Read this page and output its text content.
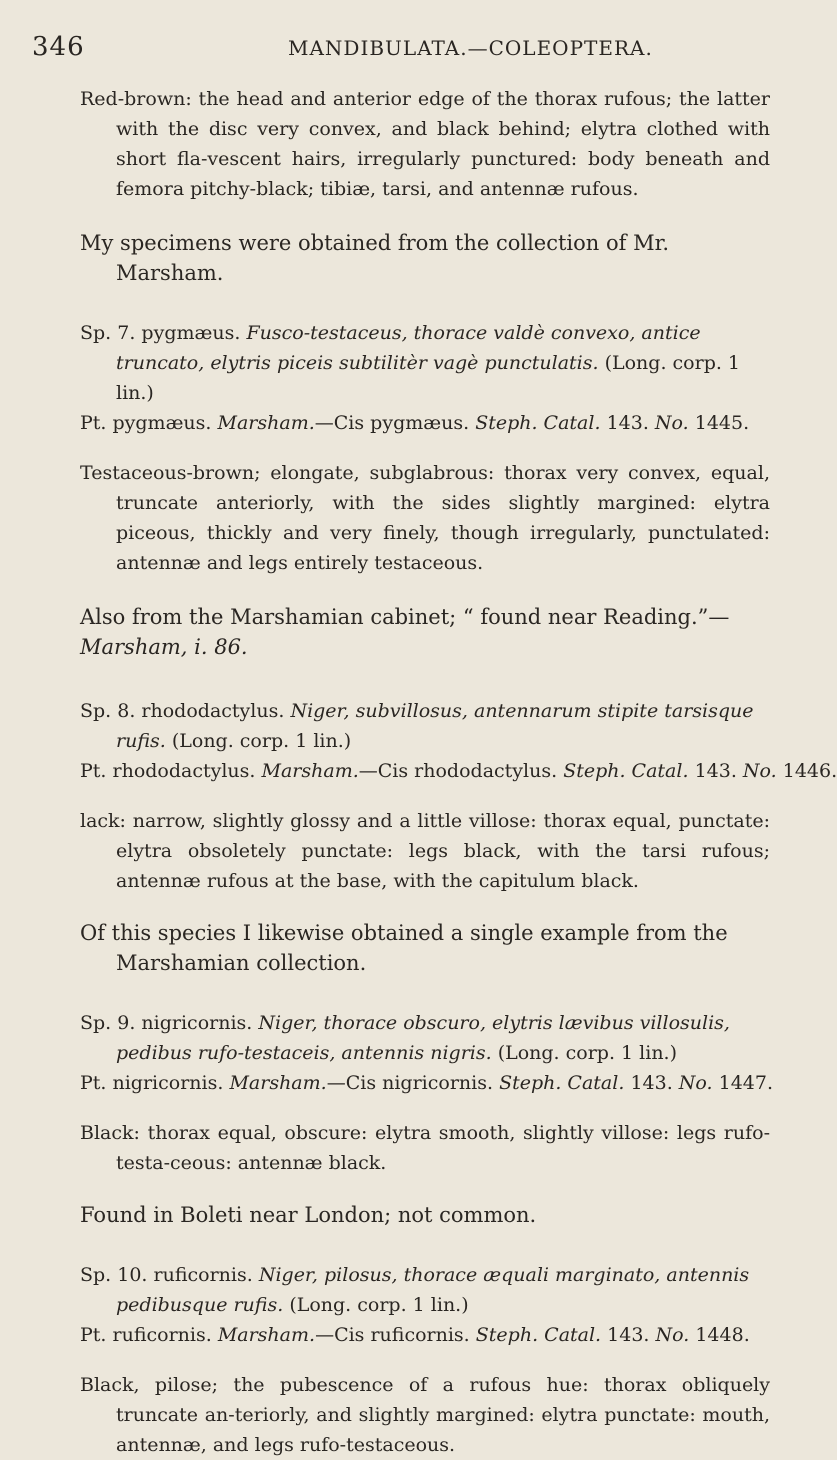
346	MANDIBULATA.—COLEOPTERA.

Red-brown: the head and anterior edge of the thorax rufous; the latter with the disc very convex, and black behind; elytra clothed with short fla-vescent hairs, irregularly punctured: body beneath and femora pitchy-black; tibiæ, tarsi, and antennæ rufous.

My specimens were obtained from the collection of Mr. Marsham.

Sp. 7. pygmæus. Fusco-testaceus, thorace valdè convexo, antice truncato, elytris piceis subtilitèr vagè punctulatis. (Long. corp. 1 lin.)

Pt. pygmæus. Marsham.—Cis pygmæus. Steph. Catal. 143. No. 1445.

Testaceous-brown; elongate, subglabrous: thorax very convex, equal, truncate anteriorly, with the sides slightly margined: elytra piceous, thickly and very finely, though irregularly, punctulated: antennæ and legs entirely testaceous.

Also from the Marshamian cabinet; “ found near Reading.”—
Marsham, i. 86.

Sp. 8. rhododactylus. Niger, subvillosus, antennarum stipite tarsisque rufis. (Long. corp. 1 lin.)

Pt. rhododactylus. Marsham.—Cis rhododactylus. Steph. Catal. 143. No. 1446.

lack: narrow, slightly glossy and a little villose: thorax equal, punctate: elytra obsoletely punctate: legs black, with the tarsi rufous; antennæ rufous at the base, with the capitulum black.

Of this species I likewise obtained a single example from the Marshamian collection.

Sp. 9. nigricornis. Niger, thorace obscuro, elytris lævibus villosulis, pedibus rufo-testaceis, antennis nigris. (Long. corp. 1 lin.)

Pt. nigricornis. Marsham.—Cis nigricornis. Steph. Catal. 143. No. 1447.

Black: thorax equal, obscure: elytra smooth, slightly villose: legs rufo-testa-ceous: antennæ black.

Found in Boleti near London; not common.

Sp. 10. ruficornis. Niger, pilosus, thorace æquali marginato, antennis pedibusque rufis. (Long. corp. 1 lin.)

Pt. ruficornis. Marsham.—Cis ruficornis. Steph. Catal. 143. No. 1448.

Black, pilose; the pubescence of a rufous hue: thorax obliquely truncate an-teriorly, and slightly margined: elytra punctate: mouth, antennæ, and legs rufo-testaceous.
